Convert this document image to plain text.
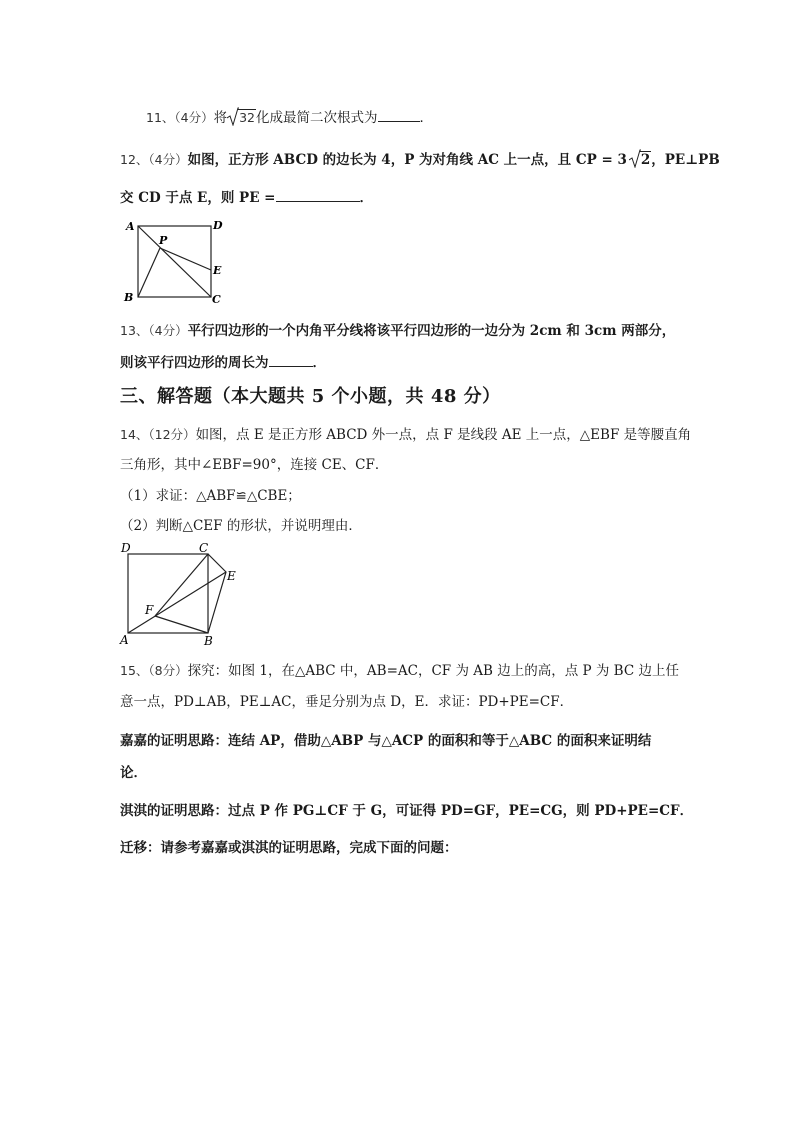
11、（4分）将 32化成最简二次根式为	．
12、（4分）如图，正方形 ABCD 的边长为 4，P 为对角线 AC 上一点，且 CP = 3 2，PE⊥PB
交 CD 于点 E，则 PE =	．
A	D
P
E
B	C
13、（4分）平行四边形的一个内角平分线将该平行四边形的一边分为 2cm 和 3cm 两部分，
则该平行四边形的周长为	．
三、解答题（本大题共 5 个小题，共 48 分）
14、（12分）如图，点 E 是正方形 ABCD 外一点，点 F 是线段 AE 上一点，△EBF 是等腰直角
三角形，其中∠EBF=90°，连接 CE、CF．
（1）求证：△ABF≌△CBE；
（2）判断△CEF 的形状，并说明理由．
D	C
E
F
A	B
15、（8分）探究：如图 1，在△ABC 中，AB=AC，CF 为 AB 边上的高，点 P 为 BC 边上任
意一点，PD⊥AB，PE⊥AC，垂足分别为点 D，E．求证：PD+PE=CF．
嘉嘉的证明思路：连结 AP，借助△ABP 与△ACP 的面积和等于△ABC 的面积来证明结
论．
淇淇的证明思路：过点 P 作 PG⊥CF 于 G，可证得 PD=GF，PE=CG，则 PD+PE=CF．
迁移：请参考嘉嘉或淇淇的证明思路，完成下面的问题：
